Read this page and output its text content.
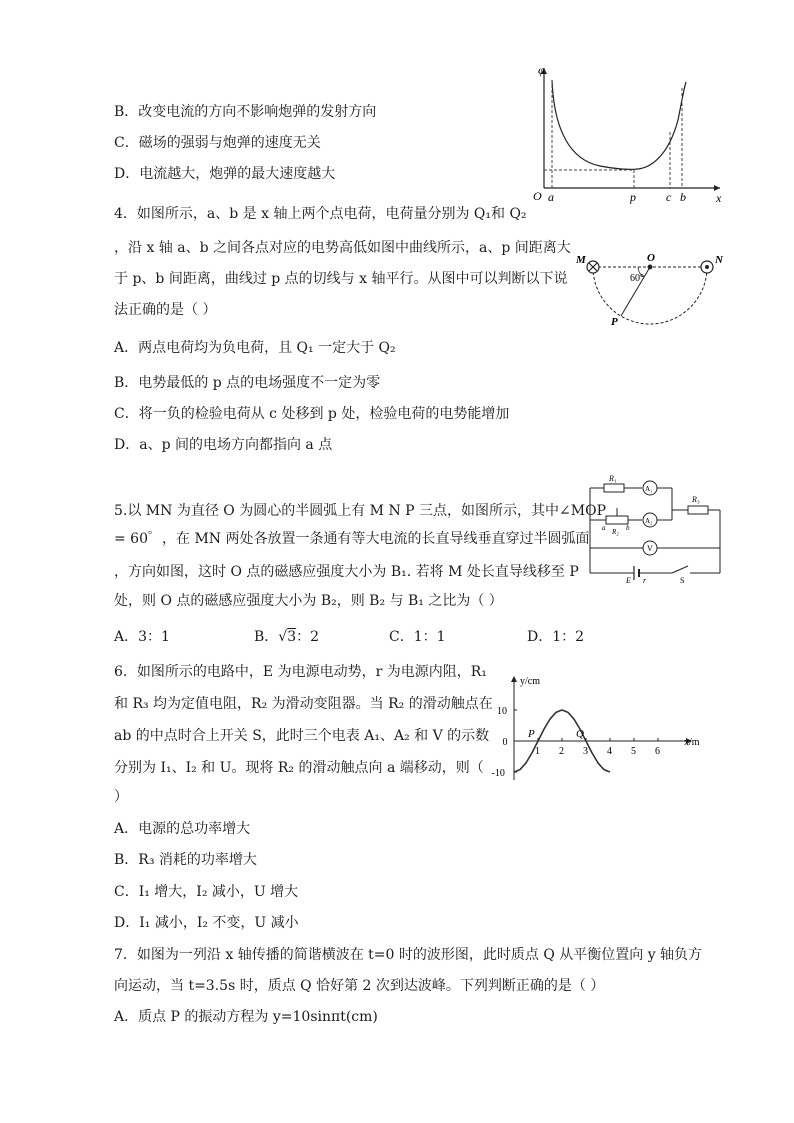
B．改变电流的方向不影响炮弹的发射方向
C．磁场的强弱与炮弹的速度无关
D．电流越大，炮弹的最大速度越大
4．如图所示，a、b 是 x 轴上两个点电荷，电荷量分别为 Q₁和 Q₂
，沿 x 轴 a、b 之间各点对应的电势高低如图中曲线所示，a、p 间距离大
于 p、b 间距离，曲线过 p 点的切线与 x 轴平行。从图中可以判断以下说
法正确的是（ ）
A．两点电荷均为负电荷，且 Q₁ 一定大于 Q₂
B．电势最低的 p 点的电场强度不一定为零
C．将一负的检验电荷从 c 处移到 p 处，检验电荷的电势能增加
D．a、p 间的电场方向都指向 a 点
5.以 MN 为直径 O 为圆心的半圆弧上有 M N P 三点，如图所示，其中∠MOP
= 60゜，在 MN 两处各放置一条通有等大电流的长直导线垂直穿过半圆弧面
，方向如图，这时 O 点的磁感应强度大小为 B₁. 若将 M 处长直导线移至 P
处，则 O 点的磁感应强度大小为 B₂，则 B₂ 与 B₁ 之比为（ ）
A．3：1	B．√3：2	C．1：1	D．1：2
6．如图所示的电路中，E 为电源电动势，r 为电源内阻，R₁
和 R₃ 均为定值电阻，R₂ 为滑动变阻器。当 R₂ 的滑动触点在
ab 的中点时合上开关 S，此时三个电表 A₁、A₂ 和 V 的示数
分别为 I₁、I₂ 和 U。现将 R₂ 的滑动触点向 a 端移动，则（
）
A．电源的总功率增大
B．R₃ 消耗的功率增大
C．I₁ 增大，I₂ 减小，U 增大
D．I₁ 减小，I₂ 不变，U 减小
7．如图为一列沿 x 轴传播的简谐横波在 t=0 时的波形图，此时质点 Q 从平衡位置向 y 轴负方
向运动，当 t=3.5s 时，质点 Q 恰好第 2 次到达波峰。下列判断正确的是（ ）
A．质点 P 的振动方程为 y=10sinπt(cm)
φ
x
O a	p	c b
M	O	N
P
60°
R₁
A₁
R₃
A₂
a R₂ b
V
E r	S
y/cm
x/m
1 2 3 4 5 6
10
0
-10
P	Q
